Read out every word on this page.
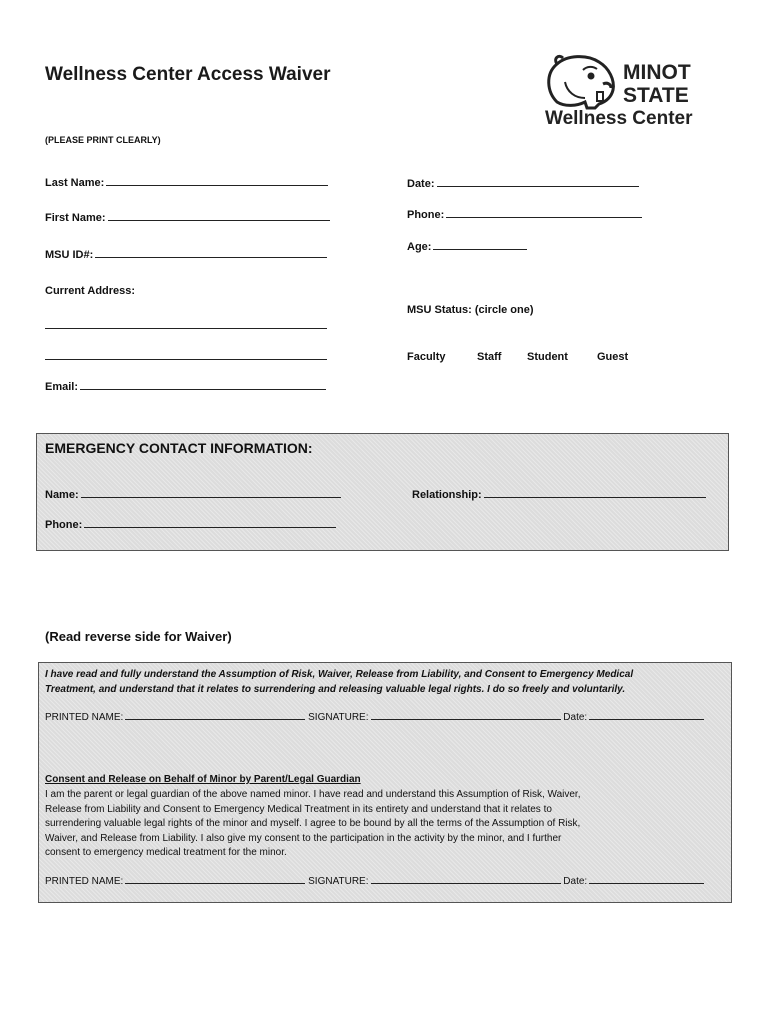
Wellness Center Access Waiver
(PLEASE PRINT CLEARLY)
MINOT
STATE
Wellness Center
Last Name:
First Name:
MSU ID#:
Current Address:
Email:
Date:
Phone:
Age:
MSU Status: (circle one)
Faculty	Staff Student	Guest
EMERGENCY CONTACT INFORMATION:
Name:	Relationship:
Phone:
(Read reverse side for Waiver)
I have read and fully understand the Assumption of Risk, Waiver, Release from Liability, and Consent to Emergency Medical
Treatment, and understand that it relates to surrendering and releasing valuable legal rights. I do so freely and voluntarily.
PRINTED NAME:	SIGNATURE:	Date:
Consent and Release on Behalf of Minor by Parent/Legal Guardian
I am the parent or legal guardian of the above named minor. I have read and understand this Assumption of Risk, Waiver,
Release from Liability and Consent to Emergency Medical Treatment in its entirety and understand that it relates to
surrendering valuable legal rights of the minor and myself. I agree to be bound by all the terms of the Assumption of Risk,
Waiver, and Release from Liability. I also give my consent to the participation in the activity by the minor, and I further
consent to emergency medical treatment for the minor.
PRINTED NAME:	SIGNATURE:	Date:
